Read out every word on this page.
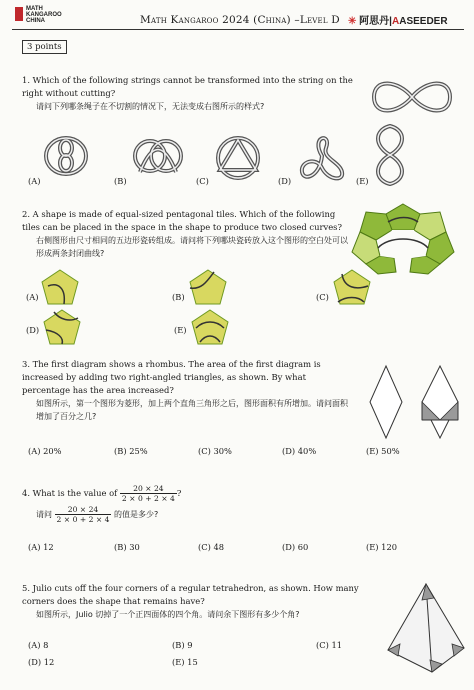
MATH
KANGAROO
CHINA	Math Kangaroo 2024 (China) –Level D ✳ 阿思丹|AASEEDER
3 points
1. Which of the following strings cannot be transformed into the string on the right without cutting?
请问下列哪条绳子在不切割的情况下，无法变成右图所示的样式?
(A)	(B)	(C)	(D)	(E)
2. A shape is made of equal-sized pentagonal tiles. Which of the following tiles can be placed in the space in the shape to produce two closed curves?
右侧图形由尺寸相同的五边形瓷砖组成。请问将下列哪块瓷砖放入这个图形的空白处可以形成两条封闭曲线?
(A)	(B)	(C)
(D)	(E)
3. The first diagram shows a rhombus. The area of the first diagram is increased by adding two right-angled triangles, as shown. By what percentage has the area increased?
如图所示，第一个图形为菱形，加上两个直角三角形之后，图形面积有所增加。请问面积增加了百分之几?
(A) 20%	(B) 25%	(C) 30%	(D) 40%	(E) 50%
4. What is the value of $\frac{20 \times 24}{2 \times 0 + 2 \times 4}$ ?
请问 $\frac{20 \times 24}{2 \times 0 + 2 \times 4}$ 的值是多少?
(A) 12	(B) 30	(C) 48	(D) 60	(E) 120
5. Julio cuts off the four corners of a regular tetrahedron, as shown. How many corners does the shape that remains have?
如图所示，Julio 切掉了一个正四面体的四个角。请问余下图形有多少个角?
(A) 8	(B) 9	(C) 11
(D) 12	(E) 15
